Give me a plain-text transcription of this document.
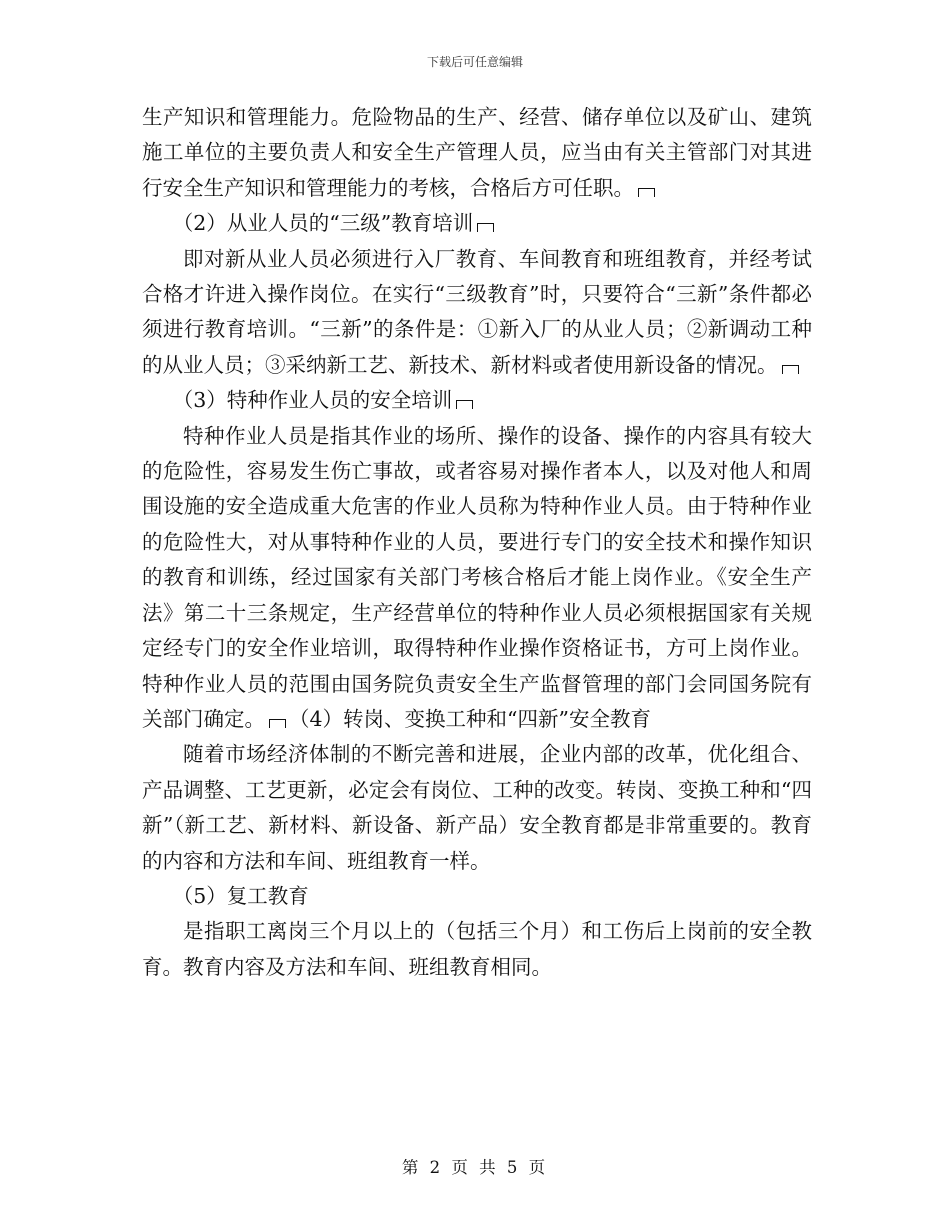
下载后可任意编辑

生产知识和管理能力。危险物品的生产、经营、储存单位以及矿山、建筑施工单位的主要负责人和安全生产管理人员，应当由有关主管部门对其进行安全生产知识和管理能力的考核，合格后方可任职。

（2）从业人员的“三级”教育培训

即对新从业人员必须进行入厂教育、车间教育和班组教育，并经考试合格才许进入操作岗位。在实行“三级教育”时，只要符合“三新”条件都必须进行教育培训。“三新”的条件是：①新入厂的从业人员；②新调动工种的从业人员；③采纳新工艺、新技术、新材料或者使用新设备的情况。

（3）特种作业人员的安全培训

特种作业人员是指其作业的场所、操作的设备、操作的内容具有较大的危险性，容易发生伤亡事故，或者容易对操作者本人，以及对他人和周围设施的安全造成重大危害的作业人员称为特种作业人员。由于特种作业的危险性大，对从事特种作业的人员，要进行专门的安全技术和操作知识的教育和训练，经过国家有关部门考核合格后才能上岗作业。《安全生产法》第二十三条规定，生产经营单位的特种作业人员必须根据国家有关规定经专门的安全作业培训，取得特种作业操作资格证书，方可上岗作业。特种作业人员的范围由国务院负责安全生产监督管理的部门会同国务院有关部门确定。 （4）转岗、变换工种和“四新”安全教育

随着市场经济体制的不断完善和进展，企业内部的改革，优化组合、产品调整、工艺更新，必定会有岗位、工种的改变。转岗、变换工种和“四新”（新工艺、新材料、新设备、新产品）安全教育都是非常重要的。教育的内容和方法和车间、班组教育一样。

（5）复工教育

是指职工离岗三个月以上的（包括三个月）和工伤后上岗前的安全教育。教育内容及方法和车间、班组教育相同。

第 2 页 共 5 页
